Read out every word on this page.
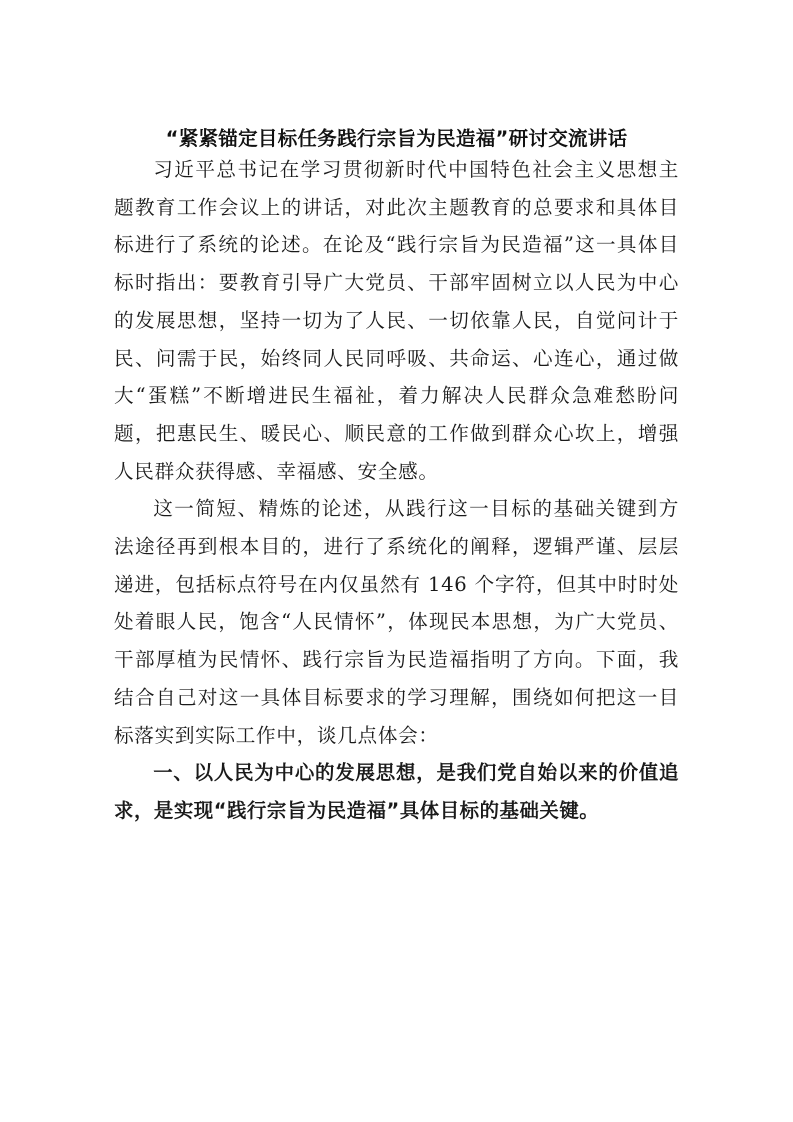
“紧紧锚定目标任务践行宗旨为民造福”研讨交流讲话

习近平总书记在学习贯彻新时代中国特色社会主义思想主题教育工作会议上的讲话，对此次主题教育的总要求和具体目标进行了系统的论述。在论及“践行宗旨为民造福”这一具体目标时指出：要教育引导广大党员、干部牢固树立以人民为中心的发展思想，坚持一切为了人民、一切依靠人民，自觉问计于民、问需于民，始终同人民同呼吸、共命运、心连心，通过做大“蛋糕”不断增进民生福祉，着力解决人民群众急难愁盼问题，把惠民生、暖民心、顺民意的工作做到群众心坎上，增强人民群众获得感、幸福感、安全感。

这一简短、精炼的论述，从践行这一目标的基础关键到方法途径再到根本目的，进行了系统化的阐释，逻辑严谨、层层递进，包括标点符号在内仅虽然有 146 个字符，但其中时时处处着眼人民，饱含“人民情怀”，体现民本思想，为广大党员、干部厚植为民情怀、践行宗旨为民造福指明了方向。下面，我结合自己对这一具体目标要求的学习理解，围绕如何把这一目标落实到实际工作中，谈几点体会：

一、以人民为中心的发展思想，是我们党自始以来的价值追求，是实现“践行宗旨为民造福”具体目标的基础关键。
